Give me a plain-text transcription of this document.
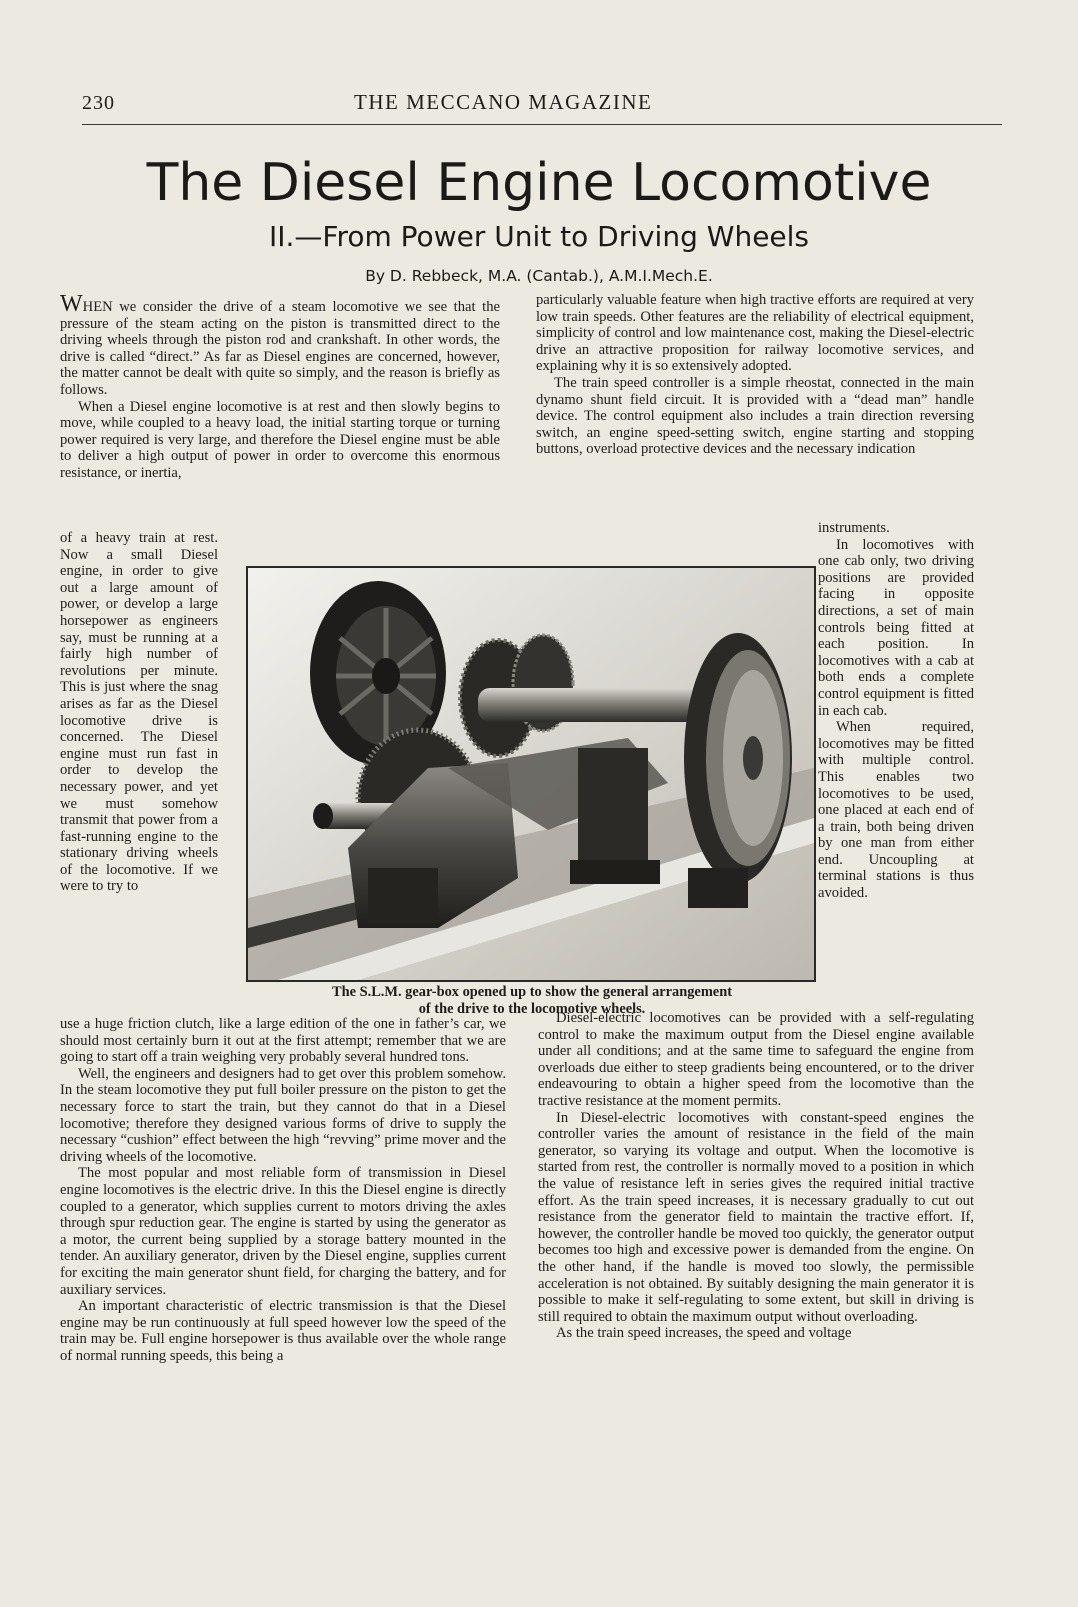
230	THE MECCANO MAGAZINE
The Diesel Engine Locomotive
II.—From Power Unit to Driving Wheels
By D. Rebbeck, M.A. (Cantab.), A.M.I.Mech.E.

WHEN we consider the drive of a steam locomotive we see that the pressure of the steam acting on the piston is transmitted direct to the driving wheels through the piston rod and crankshaft. In other words, the drive is called “direct.” As far as Diesel engines are concerned, however, the matter cannot be dealt with quite so simply, and the reason is briefly as follows.

When a Diesel engine locomotive is at rest and then slowly begins to move, while coupled to a heavy load, the initial starting torque or turning power required is very large, and therefore the Diesel engine must be able to deliver a high output of power in order to overcome this enormous resistance, or inertia,

of a heavy train at rest. Now a small Diesel engine, in order to give out a large amount of power, or develop a large horsepower as engineers say, must be running at a fairly high number of revolutions per minute. This is just where the snag arises as far as the Diesel locomotive drive is concerned. The Diesel engine must run fast in order to develop the necessary power, and yet we must somehow transmit that power from a fast-running engine to the stationary driving wheels of the locomotive. If we were to try to

use a huge friction clutch, like a large edition of the one in father’s car, we should most certainly burn it out at the first attempt; remember that we are going to start off a train weighing very probably several hundred tons.

Well, the engineers and designers had to get over this problem somehow. In the steam locomotive they put full boiler pressure on the piston to get the necessary force to start the train, but they cannot do that in a Diesel locomotive; therefore they designed various forms of drive to supply the necessary “cushion” effect between the high “revving” prime mover and the driving wheels of the locomotive.

The most popular and most reliable form of transmission in Diesel engine locomotives is the electric drive. In this the Diesel engine is directly coupled to a generator, which supplies current to motors driving the axles through spur reduction gear. The engine is started by using the generator as a motor, the current being supplied by a storage battery mounted in the tender. An auxiliary generator, driven by the Diesel engine, supplies current for exciting the main generator shunt field, for charging the battery, and for auxiliary services.

An important characteristic of electric transmission is that the Diesel engine may be run continuously at full speed however low the speed of the train may be. Full engine horsepower is thus available over the whole range of normal running speeds, this being a

particularly valuable feature when high tractive efforts are required at very low train speeds. Other features are the reliability of electrical equipment, simplicity of control and low maintenance cost, making the Diesel-electric drive an attractive proposition for railway locomotive services, and explaining why it is so extensively adopted.

The train speed controller is a simple rheostat, connected in the main dynamo shunt field circuit. It is provided with a “dead man” handle device. The control equipment also includes a train direction reversing switch, an engine speed-setting switch, engine starting and stopping buttons, overload protective devices and the necessary indication

instruments.

In locomotives with one cab only, two driving positions are provided facing in opposite directions, a set of main controls being fitted at each position. In locomotives with a cab at both ends a complete control equipment is fitted in each cab.

When required, locomotives may be fitted with multiple control. This enables two locomotives to be used, one placed at each end of a train, both being driven by one man from either end. Uncoupling at terminal stations is thus avoided.

Diesel-electric locomotives can be provided with a self-regulating control to make the maximum output from the Diesel engine available under all conditions; and at the same time to safeguard the engine from overloads due either to steep gradients being encountered, or to the driver endeavouring to obtain a higher speed from the locomotive than the tractive resistance at the moment permits.

In Diesel-electric locomotives with constant-speed engines the controller varies the amount of resistance in the field of the main generator, so varying its voltage and output. When the locomotive is started from rest, the controller is normally moved to a position in which the value of resistance left in series gives the required initial tractive effort. As the train speed increases, it is necessary gradually to cut out resistance from the generator field to maintain the tractive effort. If, however, the controller handle be moved too quickly, the generator output becomes too high and excessive power is demanded from the engine. On the other hand, if the handle is moved too slowly, the permissible acceleration is not obtained. By suitably designing the main generator it is possible to make it self-regulating to some extent, but skill in driving is still required to obtain the maximum output without overloading.

As the train speed increases, the speed and voltage

The S.L.M. gear-box opened up to show the general arrangement
of the drive to the locomotive wheels.
